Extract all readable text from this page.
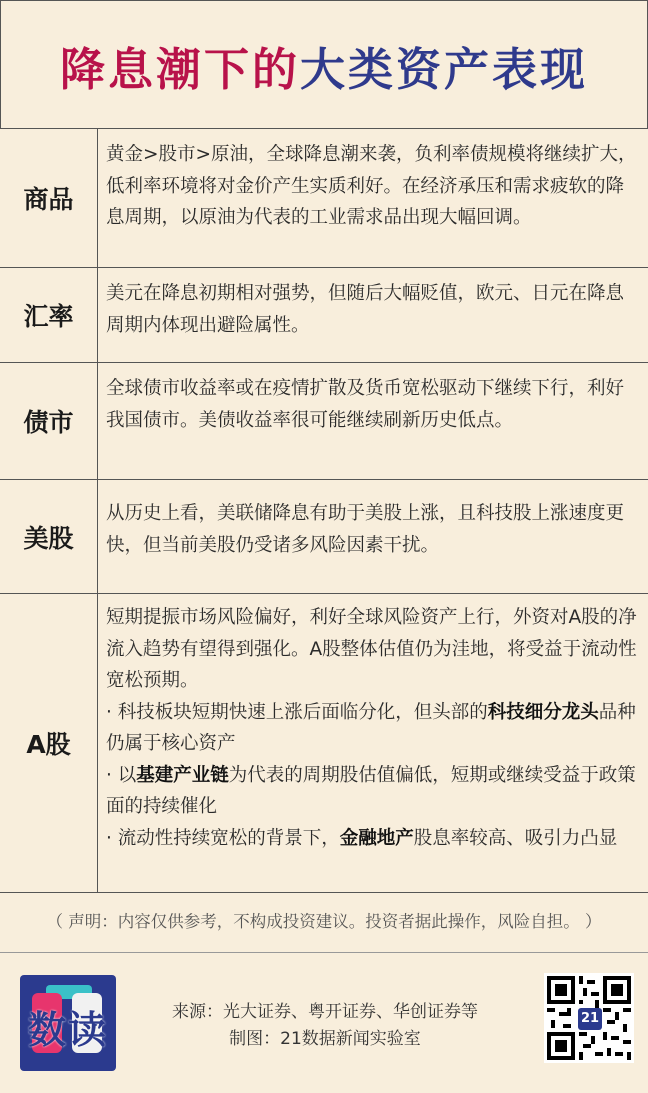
降息潮下的大类资产表现
商品

黄金>股市>原油，全球降息潮来袭，负利率债规模将继续扩大，低利率环境将对金价产生实质利好。在经济承压和需求疲软的降息周期，以原油为代表的工业需求品出现大幅回调。

汇率

美元在降息初期相对强势，但随后大幅贬值，欧元、日元在降息周期内体现出避险属性。

债市

全球债市收益率或在疫情扩散及货币宽松驱动下继续下行，利好我国债市。美债收益率很可能继续刷新历史低点。

美股

从历史上看，美联储降息有助于美股上涨，且科技股上涨速度更快，但当前美股仍受诸多风险因素干扰。

A股

短期提振市场风险偏好，利好全球风险资产上行，外资对A股的净流入趋势有望得到强化。A股整体估值仍为洼地，将受益于流动性宽松预期。

· 科技板块短期快速上涨后面临分化，但头部的科技细分龙头品种仍属于核心资产

· 以基建产业链为代表的周期股估值偏低，短期或继续受益于政策面的持续催化

· 流动性持续宽松的背景下，金融地产股息率较高、吸引力凸显

（ 声明：内容仅供参考，不构成投资建议。投资者据此操作，风险自担。 ）
数读	来源：光大证券、粤开证券、华创证券等
制图：21数据新闻实验室
21
